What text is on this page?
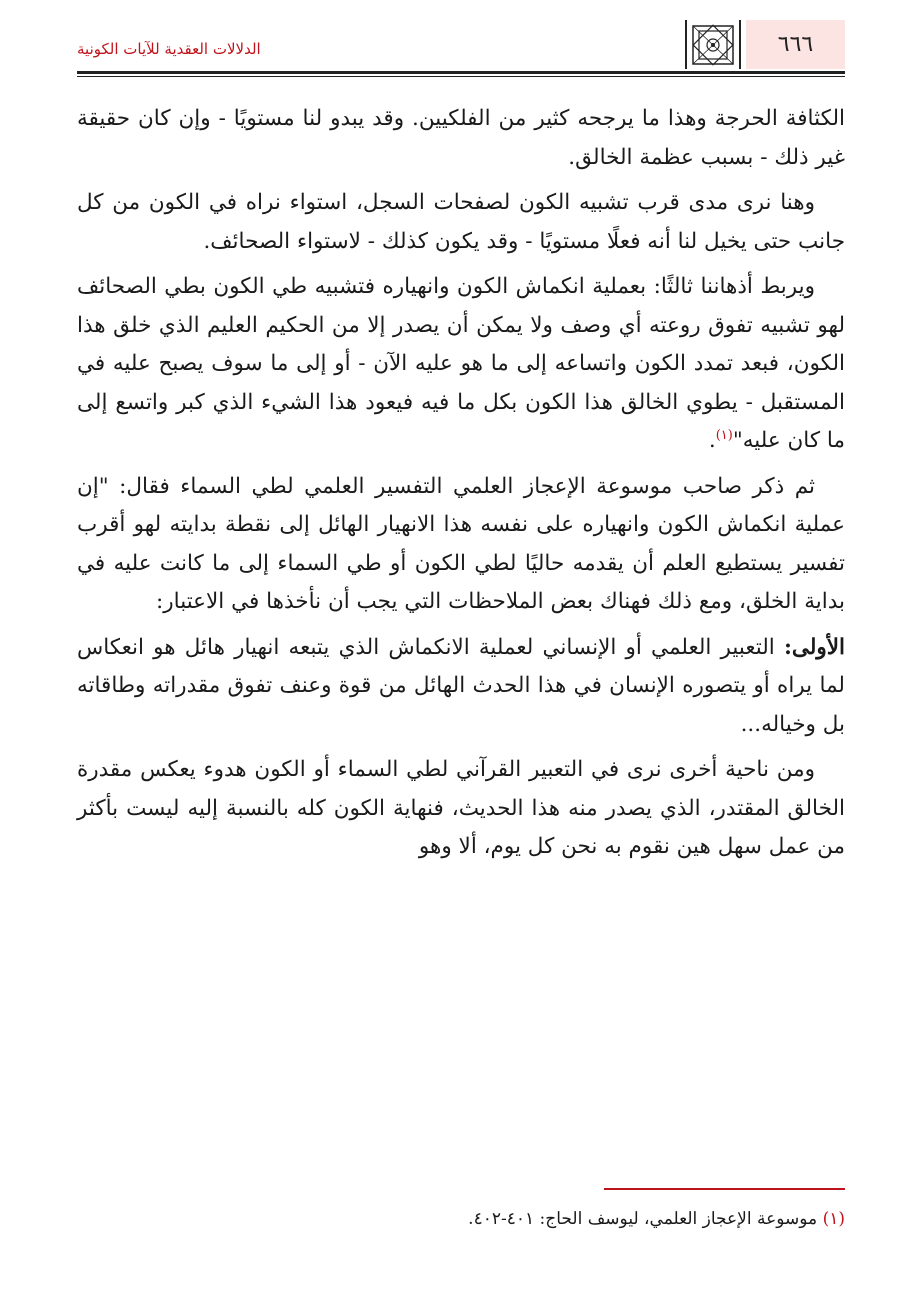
٦٦٦
الدلالات العقدية للآيات الكونية

الكثافة الحرجة وهذا ما يرجحه كثير من الفلكيين. وقد يبدو لنا مستويًا - وإن كان حقيقة غير ذلك - بسبب عظمة الخالق.

وهنا نرى مدى قرب تشبيه الكون لصفحات السجل، استواء نراه في الكون من كل جانب حتى يخيل لنا أنه فعلًا مستويًا - وقد يكون كذلك - لاستواء الصحائف.

ويربط أذهاننا ثالثًا: بعملية انكماش الكون وانهياره فتشبيه طي الكون بطي الصحائف لهو تشبيه تفوق روعته أي وصف ولا يمكن أن يصدر إلا من الحكيم العليم الذي خلق هذا الكون، فبعد تمدد الكون واتساعه إلى ما هو عليه الآن - أو إلى ما سوف يصبح عليه في المستقبل - يطوي الخالق هذا الكون بكل ما فيه فيعود هذا الشيء الذي كبر واتسع إلى ما كان عليه"$^{(١)}$.

ثم ذكر صاحب موسوعة الإعجاز العلمي التفسير العلمي لطي السماء فقال: "إن عملية انكماش الكون وانهياره على نفسه هذا الانهيار الهائل إلى نقطة بدايته لهو أقرب تفسير يستطيع العلم أن يقدمه حاليًا لطي الكون أو طي السماء إلى ما كانت عليه في بداية الخلق، ومع ذلك فهناك بعض الملاحظات التي يجب أن نأخذها في الاعتبار:

الأولى: التعبير العلمي أو الإنساني لعملية الانكماش الذي يتبعه انهيار هائل هو انعكاس لما يراه أو يتصوره الإنسان في هذا الحدث الهائل من قوة وعنف تفوق مقدراته وطاقاته بل وخياله...

ومن ناحية أخرى نرى في التعبير القرآني لطي السماء أو الكون هدوء يعكس مقدرة الخالق المقتدر، الذي يصدر منه هذا الحديث، فنهاية الكون كله بالنسبة إليه ليست بأكثر من عمل سهل هين نقوم به نحن كل يوم، ألا وهو

(١) موسوعة الإعجاز العلمي، ليوسف الحاج: ٤٠١-٤٠٢.
